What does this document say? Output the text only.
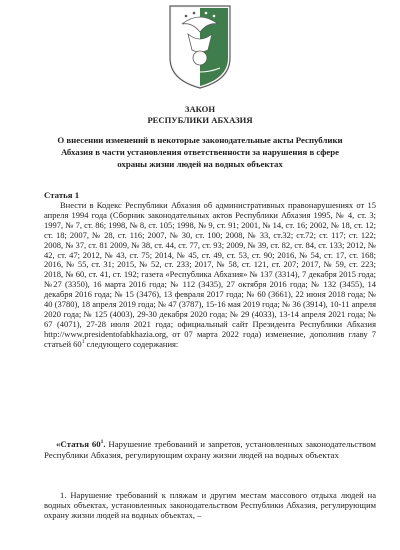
ЗАКОН
РЕСПУБЛИКИ АБХАЗИЯ
О внесении изменений в некоторые законодательные акты Республики Абхазия в части установления ответственности за нарушения в сфере охраны жизни людей на водных объектах
Статья 1

Внести в Кодекс Республики Абхазия об административных правонарушениях от 15 апреля 1994 года (Сборник законодательных актов Республики Абхазия 1995, № 4, ст. 3; 1997, № 7, ст. 86; 1998, № 8, ст. 105; 1998, № 9, ст. 91; 2001, № 14, ст. 16; 2002, № 18, ст. 12; ст. 18; 2007, № 28, ст. 116; 2007, № 30, ст. 100; 2008, № 33, ст.32; ст.72; ст. 117; ст. 122; 2008, № 37, ст. 81 2009, № 38, ст. 44, ст. 77, ст. 93; 2009, № 39, ст. 82, ст. 84, ст. 133; 2012, № 42, ст. 47; 2012, № 43, ст. 75; 2014, № 45, ст. 49, ст. 53, ст. 90; 2016, № 54, ст. 17, ст. 168; 2016, № 55, ст. 31; 2015, № 52, ст. 233; 2017, № 58, ст. 121, ст. 207; 2017, № 59, ст. 223; 2018, № 60, ст. 41, ст. 192; газета «Республика Абхазия» № 137 (3314), 7 декабря 2015 года; №27 (3350), 16 марта 2016 года; № 112 (3435), 27 октября 2016 года; № 132 (3455), 14 декабря 2016 года; № 15 (3476), 13 февраля 2017 года; № 60 (3661), 22 июня 2018 года; № 40 (3780), 18 апреля 2019 года; № 47 (3787), 15-16 мая 2019 года; № 36 (3914), 10-11 апреля 2020 года; № 125 (4003), 29-30 декабря 2020 года; № 29 (4033), 13-14 апреля 2021 года; № 67 (4071), 27-28 июля 2021 года; официальный сайт Президента Республики Абхазия http://www.presidentofabkhazia.org, от 07 марта 2022 года) изменение, дополнив главу 7 статьей $60^1$ следующего содержания:

«Статья $60^1$. Нарушение требований и запретов, установленных законодательством Республики Абхазия, регулирующим охрану жизни людей на водных объектах

1. Нарушение требований к пляжам и другим местам массового отдыха людей на водных объектах, установленных законодательством Республики Абхазия, регулирующим охрану жизни людей на водных объектах, –
